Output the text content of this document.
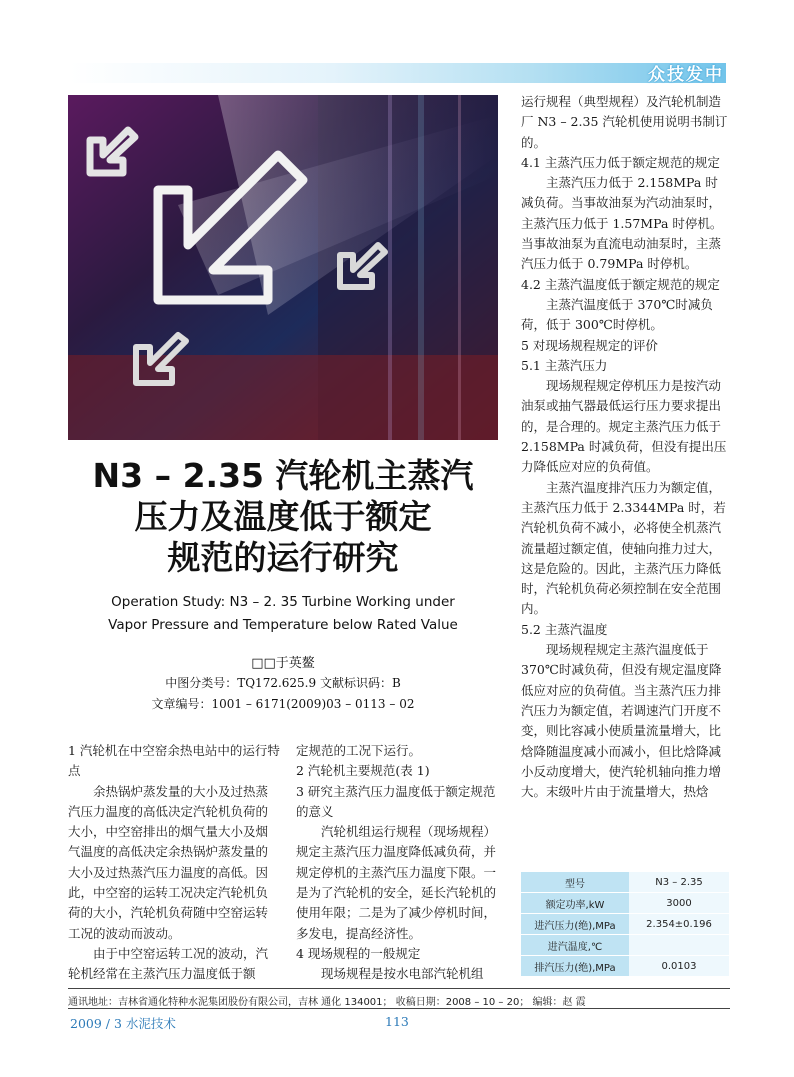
众技发中
N3 – 2.35 汽轮机主蒸汽
压力及温度低于额定
规范的运行研究
Operation Study: N3 – 2. 35 Turbine Working under
Vapor Pressure and Temperature below Rated Value
□□于英鳌
中图分类号：TQ172.625.9 文献标识码：B
文章编号：1001 – 6171(2009)03 – 0113 – 02

1 汽轮机在中空窑余热电站中的运行特点

余热锅炉蒸发量的大小及过热蒸汽压力温度的高低决定汽轮机负荷的大小，中空窑排出的烟气量大小及烟气温度的高低决定余热锅炉蒸发量的大小及过热蒸汽压力温度的高低。因此，中空窑的运转工况决定汽轮机负荷的大小，汽轮机负荷随中空窑运转工况的波动而波动。

由于中空窑运转工况的波动，汽轮机经常在主蒸汽压力温度低于额

定规范的工况下运行。

2 汽轮机主要规范(表 1)

3 研究主蒸汽压力温度低于额定规范的意义

汽轮机组运行规程（现场规程）规定主蒸汽压力温度降低减负荷，并规定停机的主蒸汽压力温度下限。一是为了汽轮机的安全，延长汽轮机的使用年限；二是为了减少停机时间，多发电，提高经济性。

4 现场规程的一般规定

现场规程是按水电部汽轮机组

运行规程（典型规程）及汽轮机制造厂 N3 – 2.35 汽轮机使用说明书制订的。

4.1 主蒸汽压力低于额定规范的规定

主蒸汽压力低于 2.158MPa 时减负荷。当事故油泵为汽动油泵时，主蒸汽压力低于 1.57MPa 时停机。当事故油泵为直流电动油泵时，主蒸汽压力低于 0.79MPa 时停机。

4.2 主蒸汽温度低于额定规范的规定

主蒸汽温度低于 370℃时减负荷，低于 300℃时停机。

5 对现场规程规定的评价

5.1 主蒸汽压力

现场规程规定停机压力是按汽动油泵或抽气器最低运行压力要求提出的，是合理的。规定主蒸汽压力低于 2.158MPa 时减负荷，但没有提出压力降低应对应的负荷值。

主蒸汽温度排汽压力为额定值，主蒸汽压力低于 2.3344MPa 时，若汽轮机负荷不减小，必将使全机蒸汽流量超过额定值，使轴向推力过大，这是危险的。因此，主蒸汽压力降低时，汽轮机负荷必须控制在安全范围内。

5.2 主蒸汽温度

现场规程规定主蒸汽温度低于 370℃时减负荷，但没有规定温度降低应对应的负荷值。当主蒸汽压力排汽压力为额定值，若调速汽门开度不变，则比容减小使质量流量增大，比焓降随温度减小而减小，但比焓降减小反动度增大，使汽轮机轴向推力增大。末级叶片由于流量增大，热焓

型号	N3 – 2.35
额定功率,kW	3000
进汽压力(绝),MPa	2.354±0.196
进汽温度,℃	
排汽压力(绝),MPa	0.0103
通讯地址：吉林省通化特种水泥集团股份有限公司，吉林 通化 134001； 收稿日期：2008 – 10 – 20； 编辑：赵 霞
2009 / 3 水泥技术	113
